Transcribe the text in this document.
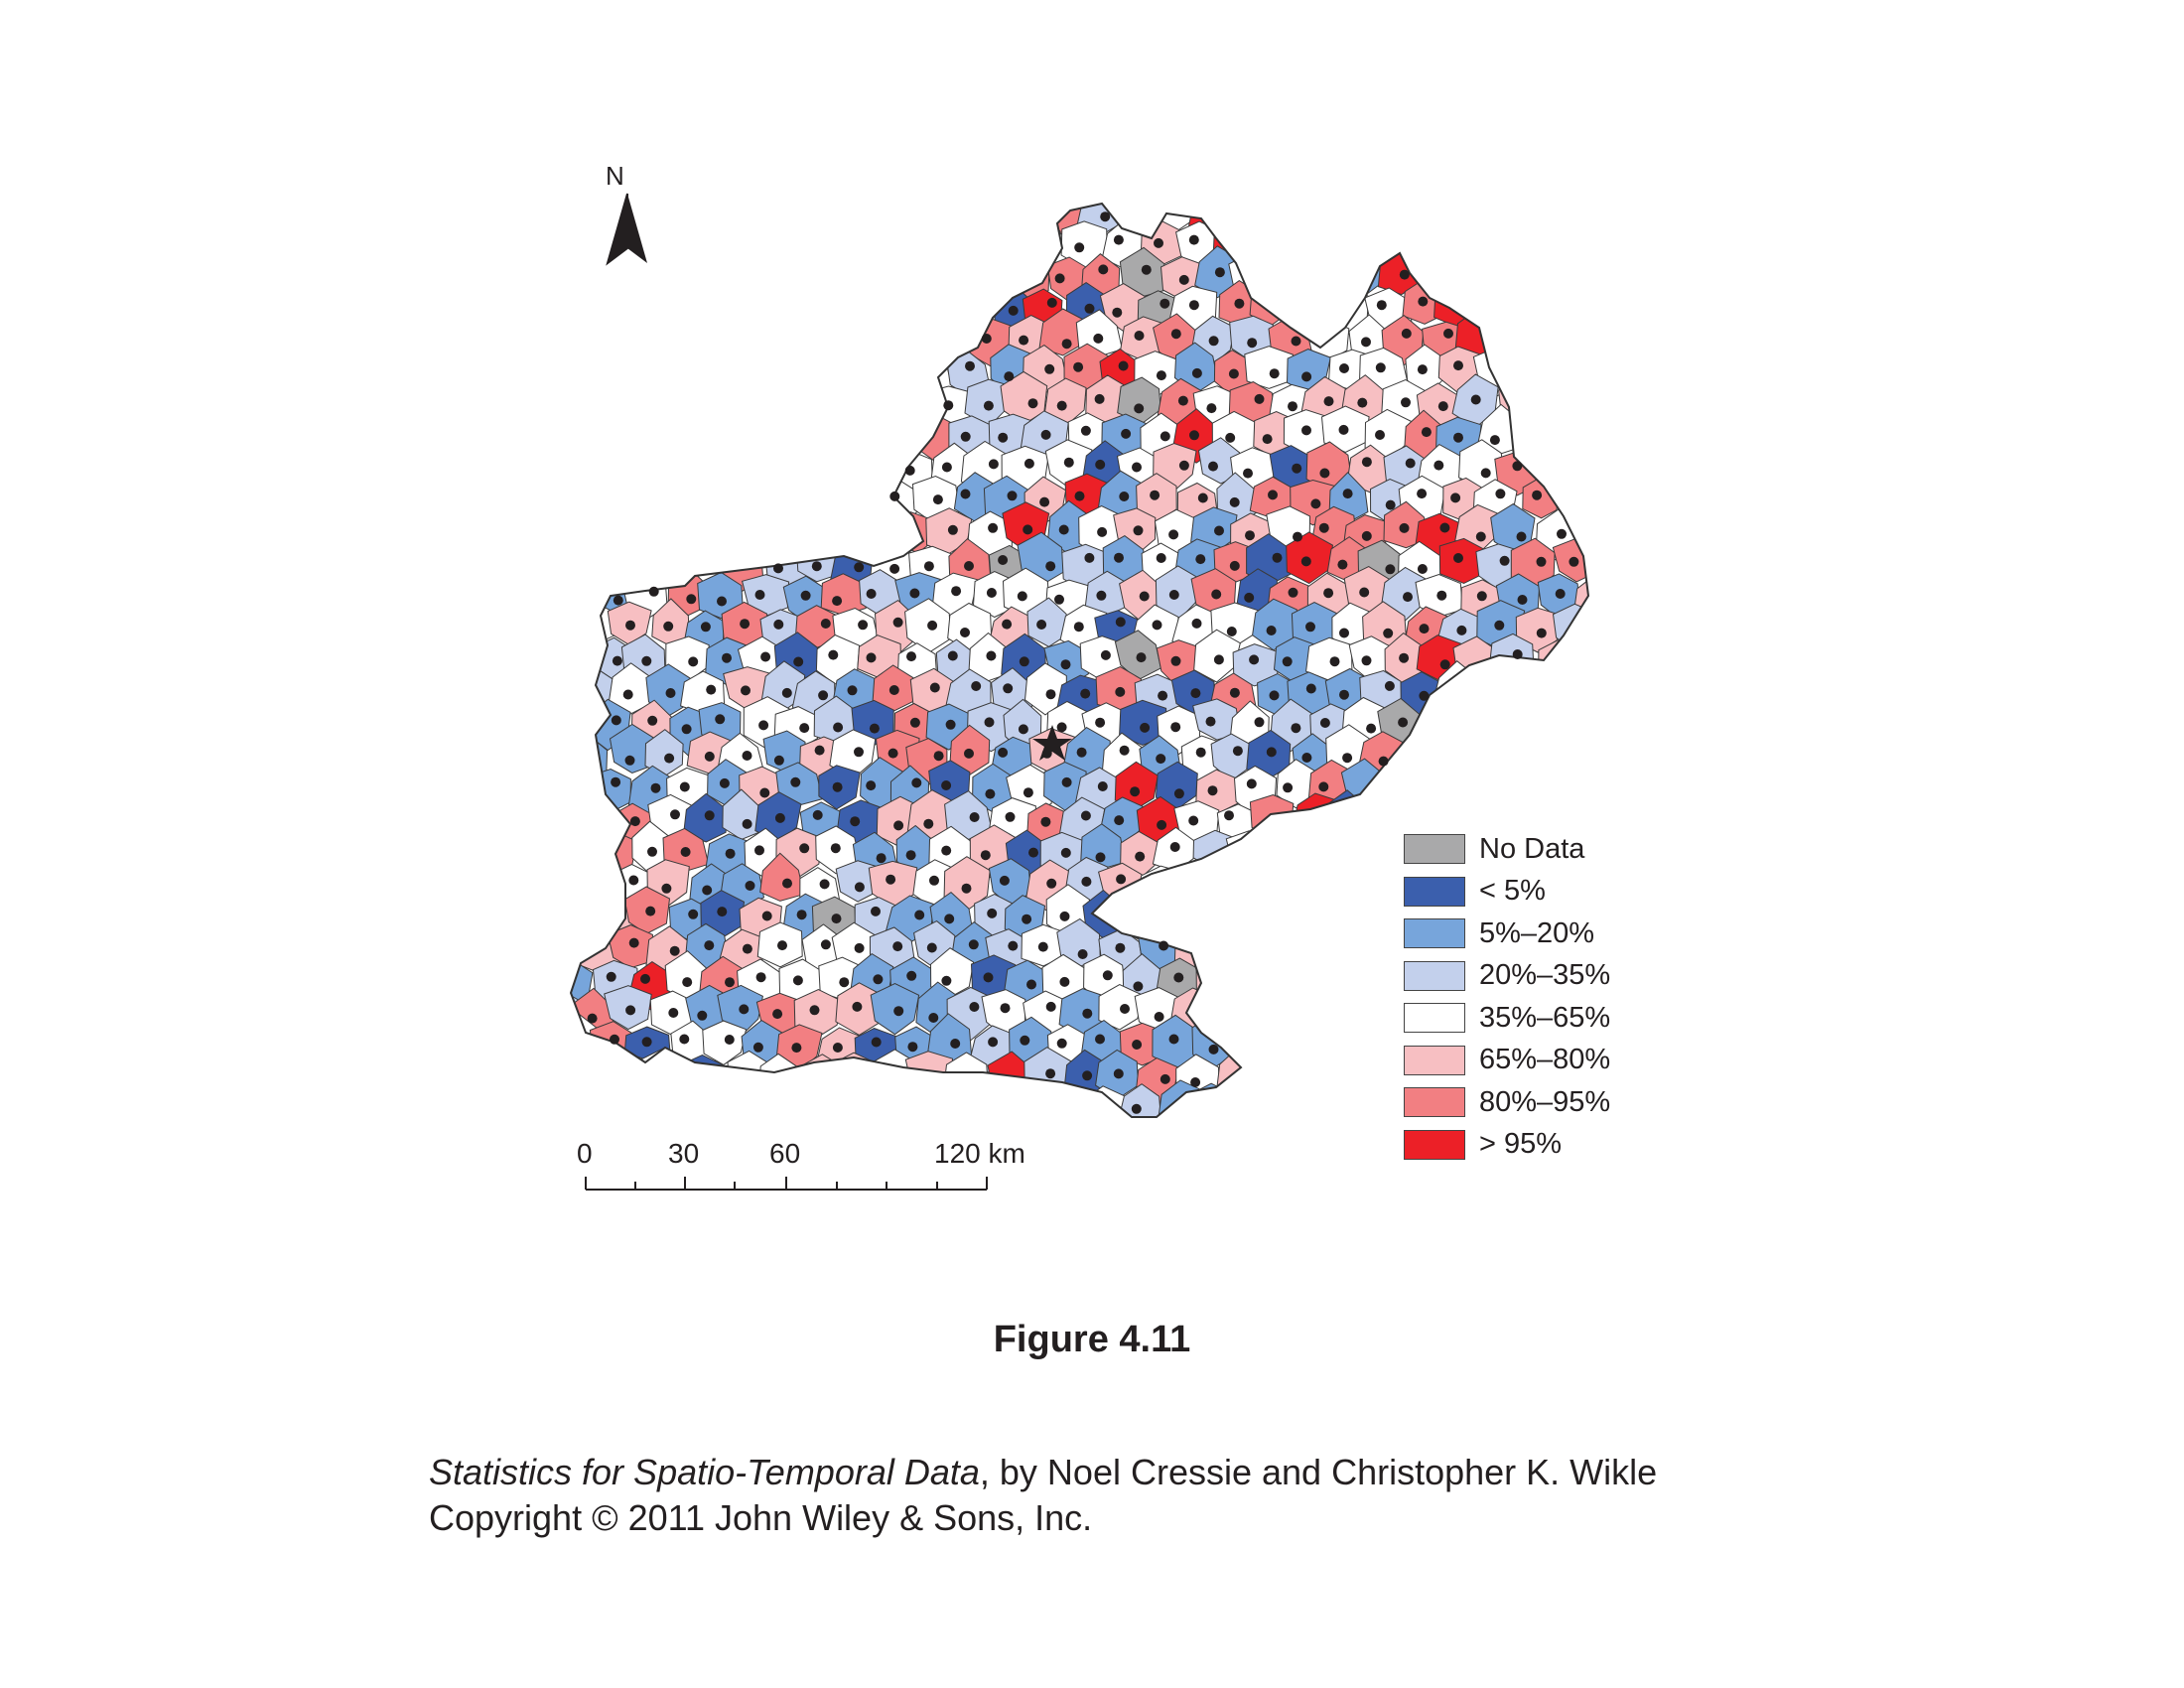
N
No Data
< 5%
5%–20%
20%–35%
35%–65%
65%–80%
80%–95%
> 95%
0	30	60	120 km
Figure 4.11
Statistics for Spatio-Temporal Data, by Noel Cressie and Christopher K. Wikle
Copyright © 2011 John Wiley & Sons, Inc.
